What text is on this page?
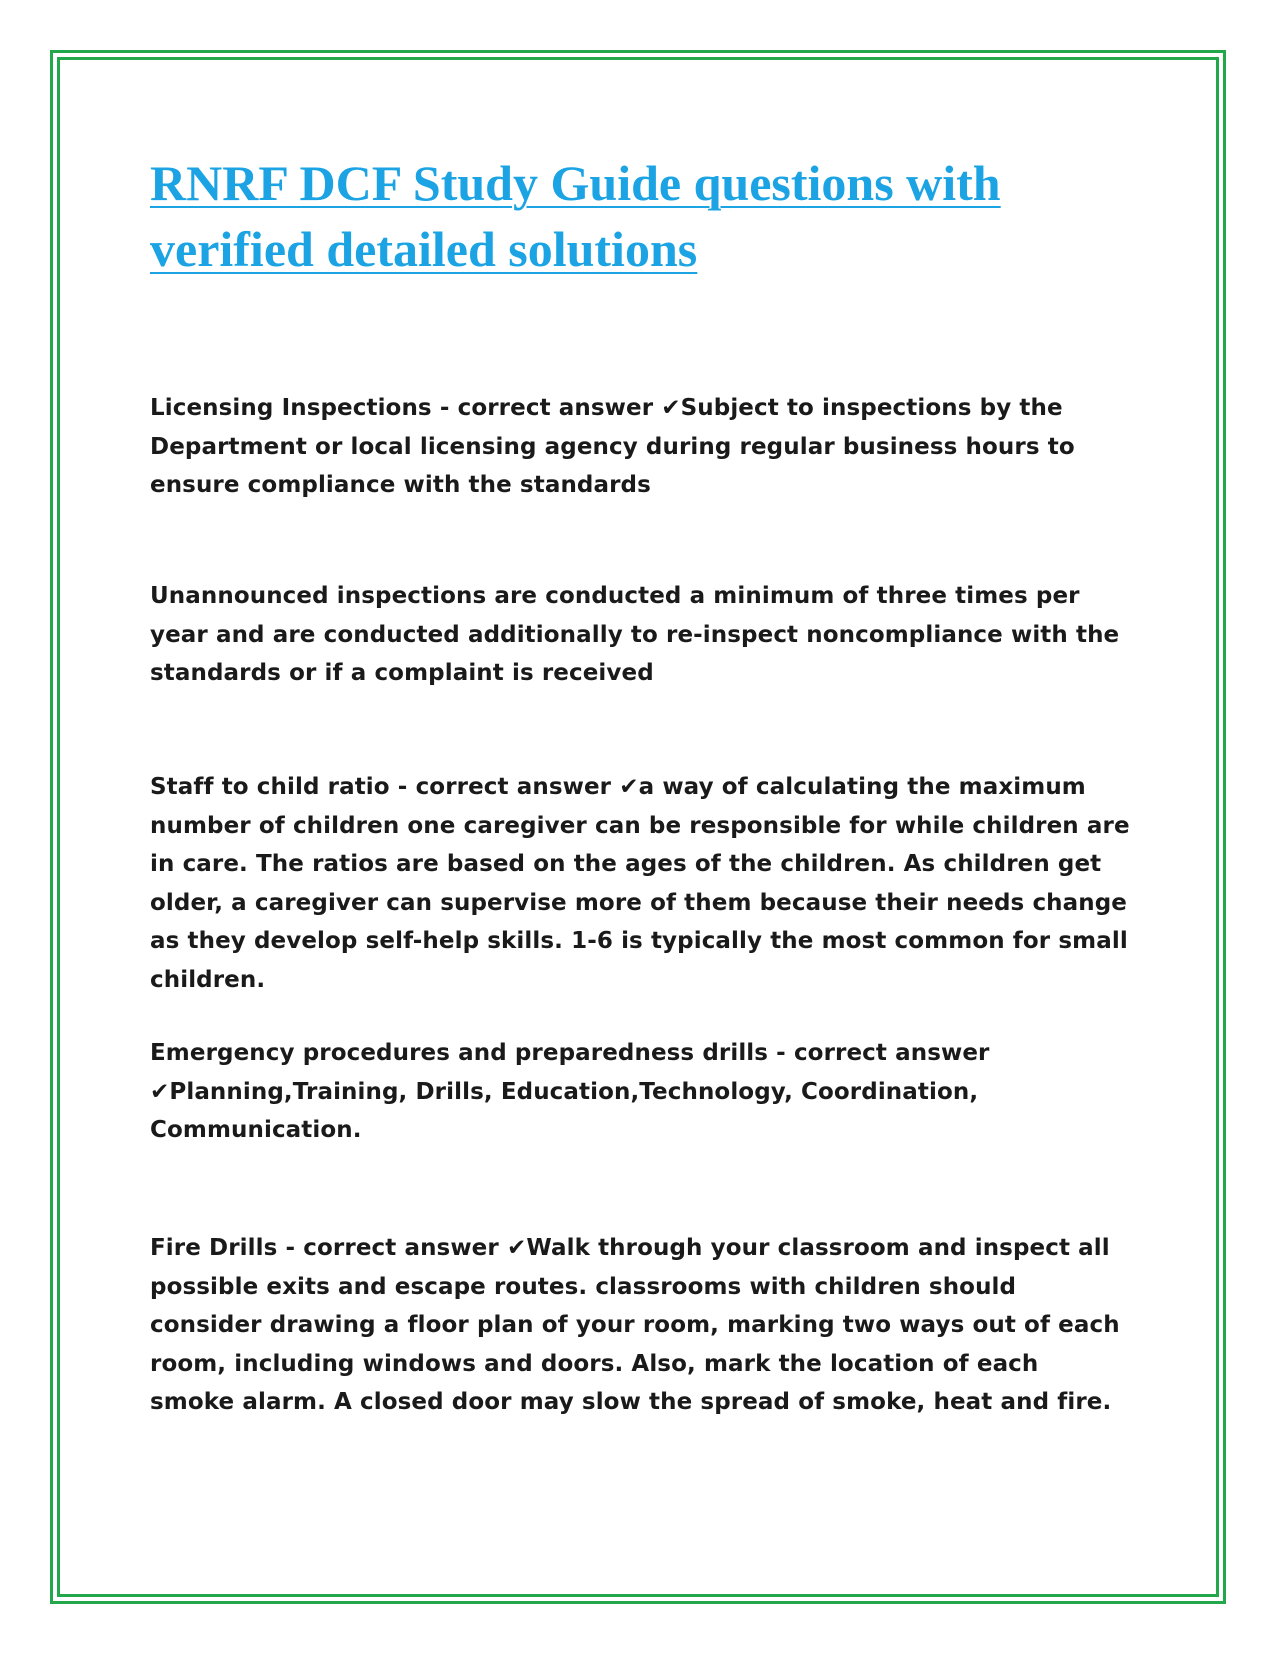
RNRF DCF Study Guide questions with verified detailed solutions

Licensing Inspections - correct answer ✔Subject to inspections by the Department or local licensing agency during regular business hours to ensure compliance with the standards

Unannounced inspections are conducted a minimum of three times per year and are conducted additionally to re-inspect noncompliance with the standards or if a complaint is received

Staff to child ratio - correct answer ✔a way of calculating the maximum number of children one caregiver can be responsible for while children are in care. The ratios are based on the ages of the children. As children get older, a caregiver can supervise more of them because their needs change as they develop self-help skills. 1-6 is typically the most common for small children.

Emergency procedures and preparedness drills - correct answer ✔Planning,Training, Drills, Education,Technology, Coordination, Communication.

Fire Drills - correct answer ✔Walk through your classroom and inspect all possible exits and escape routes. classrooms with children should consider drawing a floor plan of your room, marking two ways out of each room, including windows and doors. Also, mark the location of each smoke alarm. A closed door may slow the spread of smoke, heat and fire.
